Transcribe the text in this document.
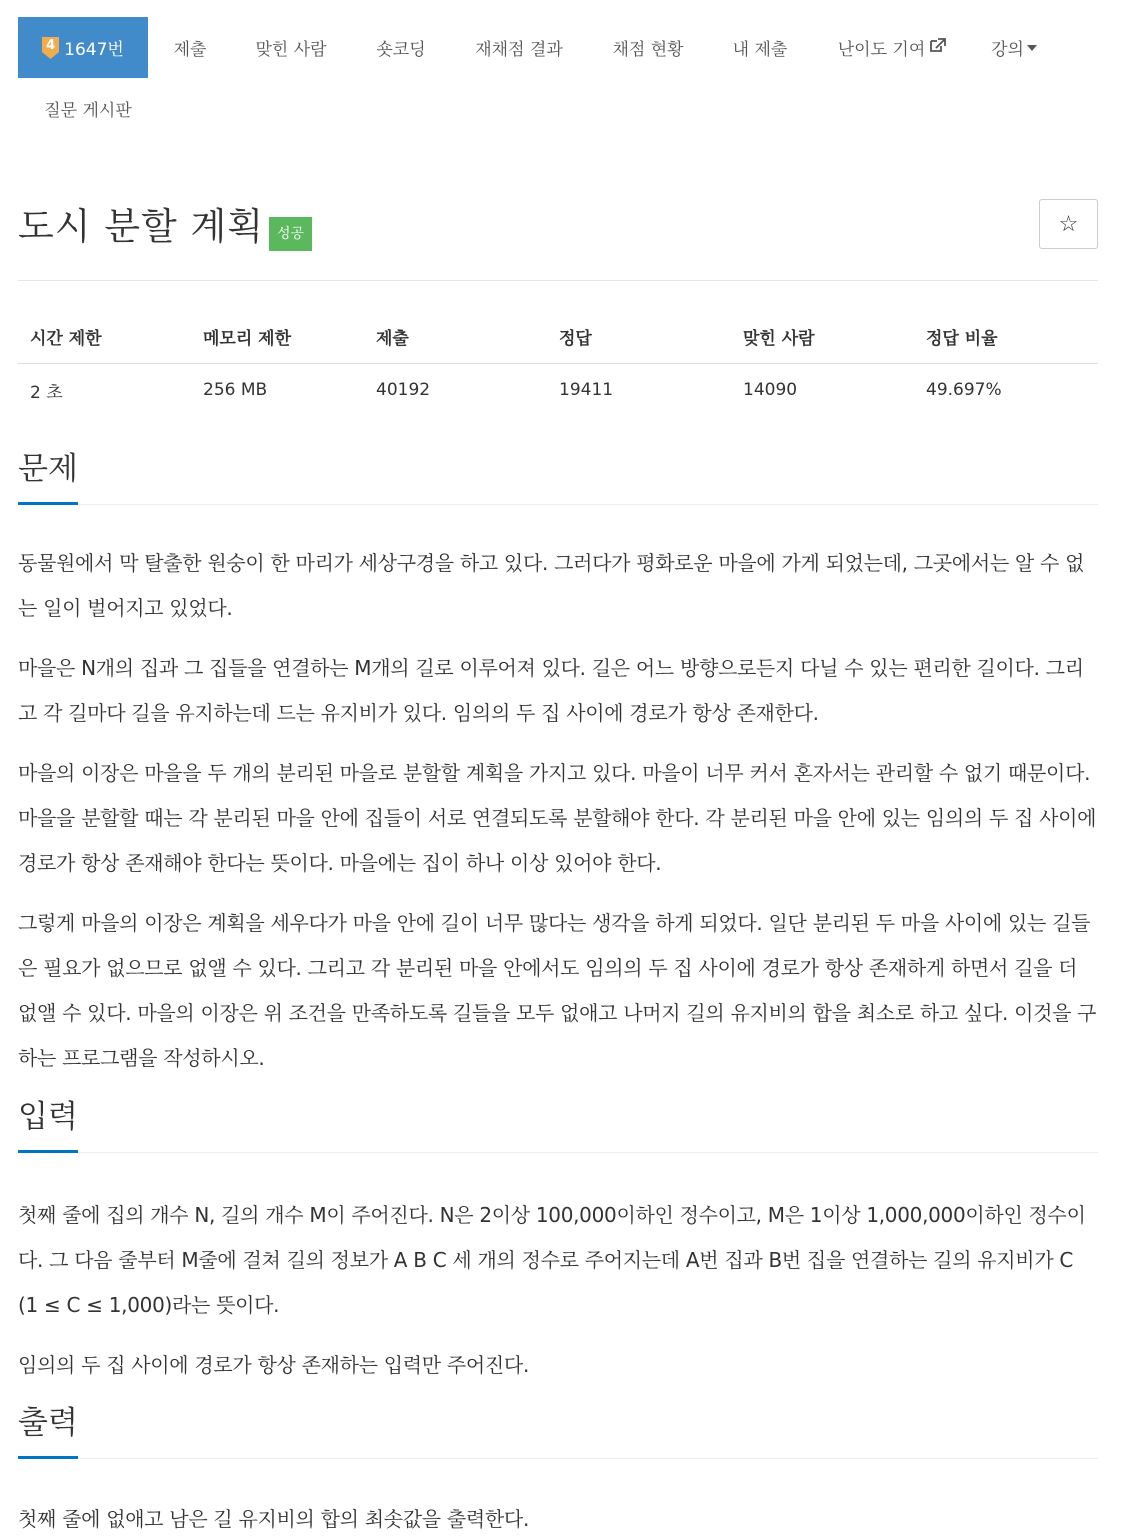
4 1647번	제출	맞힌 사람	숏코딩	재채점 결과	채점 현황	내 제출	난이도 기여	강의
질문 게시판
도시 분할 계획 성공	☆
시간 제한	메모리 제한	제출	정답	맞힌 사람	정답 비율
2 초	256 MB	40192	19411	14090	49.697%
문제

동물원에서 막 탈출한 원숭이 한 마리가 세상구경을 하고 있다. 그러다가 평화로운 마을에 가게 되었는데, 그곳에서는 알 수 없는 일이 벌어지고 있었다.

마을은 N개의 집과 그 집들을 연결하는 M개의 길로 이루어져 있다. 길은 어느 방향으로든지 다닐 수 있는 편리한 길이다. 그리고 각 길마다 길을 유지하는데 드는 유지비가 있다. 임의의 두 집 사이에 경로가 항상 존재한다.

마을의 이장은 마을을 두 개의 분리된 마을로 분할할 계획을 가지고 있다. 마을이 너무 커서 혼자서는 관리할 수 없기 때문이다. 마을을 분할할 때는 각 분리된 마을 안에 집들이 서로 연결되도록 분할해야 한다. 각 분리된 마을 안에 있는 임의의 두 집 사이에 경로가 항상 존재해야 한다는 뜻이다. 마을에는 집이 하나 이상 있어야 한다.

그렇게 마을의 이장은 계획을 세우다가 마을 안에 길이 너무 많다는 생각을 하게 되었다. 일단 분리된 두 마을 사이에 있는 길들은 필요가 없으므로 없앨 수 있다. 그리고 각 분리된 마을 안에서도 임의의 두 집 사이에 경로가 항상 존재하게 하면서 길을 더 없앨 수 있다. 마을의 이장은 위 조건을 만족하도록 길들을 모두 없애고 나머지 길의 유지비의 합을 최소로 하고 싶다. 이것을 구하는 프로그램을 작성하시오.

입력

첫째 줄에 집의 개수 N, 길의 개수 M이 주어진다. N은 2이상 100,000이하인 정수이고, M은 1이상 1,000,000이하인 정수이다. 그 다음 줄부터 M줄에 걸쳐 길의 정보가 A B C 세 개의 정수로 주어지는데 A번 집과 B번 집을 연결하는 길의 유지비가 C (1 ≤ C ≤ 1,000)라는 뜻이다.

임의의 두 집 사이에 경로가 항상 존재하는 입력만 주어진다.

출력

첫째 줄에 없애고 남은 길 유지비의 합의 최솟값을 출력한다.
